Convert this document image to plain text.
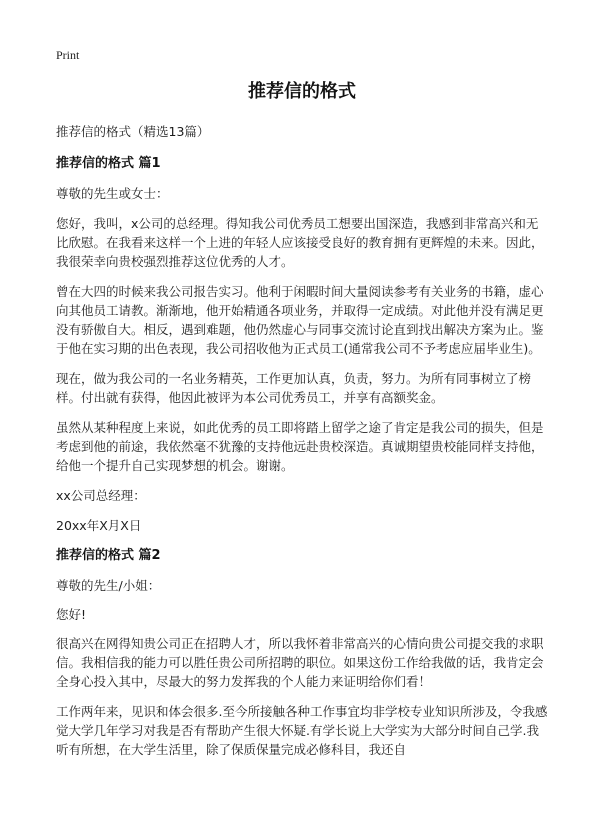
Print
推荐信的格式
推荐信的格式（精选13篇）
推荐信的格式 篇1

尊敬的先生或女士：

您好，我叫，x公司的总经理。得知我公司优秀员工想要出国深造，我感到非常高兴和无比欣慰。在我看来这样一个上进的年轻人应该接受良好的教育拥有更辉煌的未来。因此，我很荣幸向贵校强烈推荐这位优秀的人才。

曾在大四的时候来我公司报告实习。他利于闲暇时间大量阅读参考有关业务的书籍，虚心向其他员工请教。渐渐地，他开始精通各项业务，并取得一定成绩。对此他并没有满足更没有骄傲自大。相反，遇到难题，他仍然虚心与同事交流讨论直到找出解决方案为止。鉴于他在实习期的出色表现，我公司招收他为正式员工(通常我公司不予考虑应届毕业生)。

现在，做为我公司的一名业务精英，工作更加认真，负责，努力。为所有同事树立了榜样。付出就有获得，他因此被评为本公司优秀员工，并享有高额奖金。

虽然从某种程度上来说，如此优秀的员工即将踏上留学之途了肯定是我公司的损失，但是考虑到他的前途，我依然毫不犹豫的支持他远赴贵校深造。真诚期望贵校能同样支持他，给他一个提升自己实现梦想的机会。谢谢。

xx公司总经理：

20xx年X月X日

推荐信的格式 篇2

尊敬的先生/小姐：

您好!

很高兴在网得知贵公司正在招聘人才，所以我怀着非常高兴的心情向贵公司提交我的求职信。我相信我的能力可以胜任贵公司所招聘的职位。如果这份工作给我做的话，我肯定会全身心投入其中，尽最大的努力发挥我的个人能力来证明给你们看！

工作两年来，见识和体会很多.至今所接触各种工作事宜均非学校专业知识所涉及，令我感觉大学几年学习对我是否有帮助产生很大怀疑.有学长说上大学实为大部分时间自己学.我听有所想，在大学生活里，除了保质保量完成必修科目，我还自
